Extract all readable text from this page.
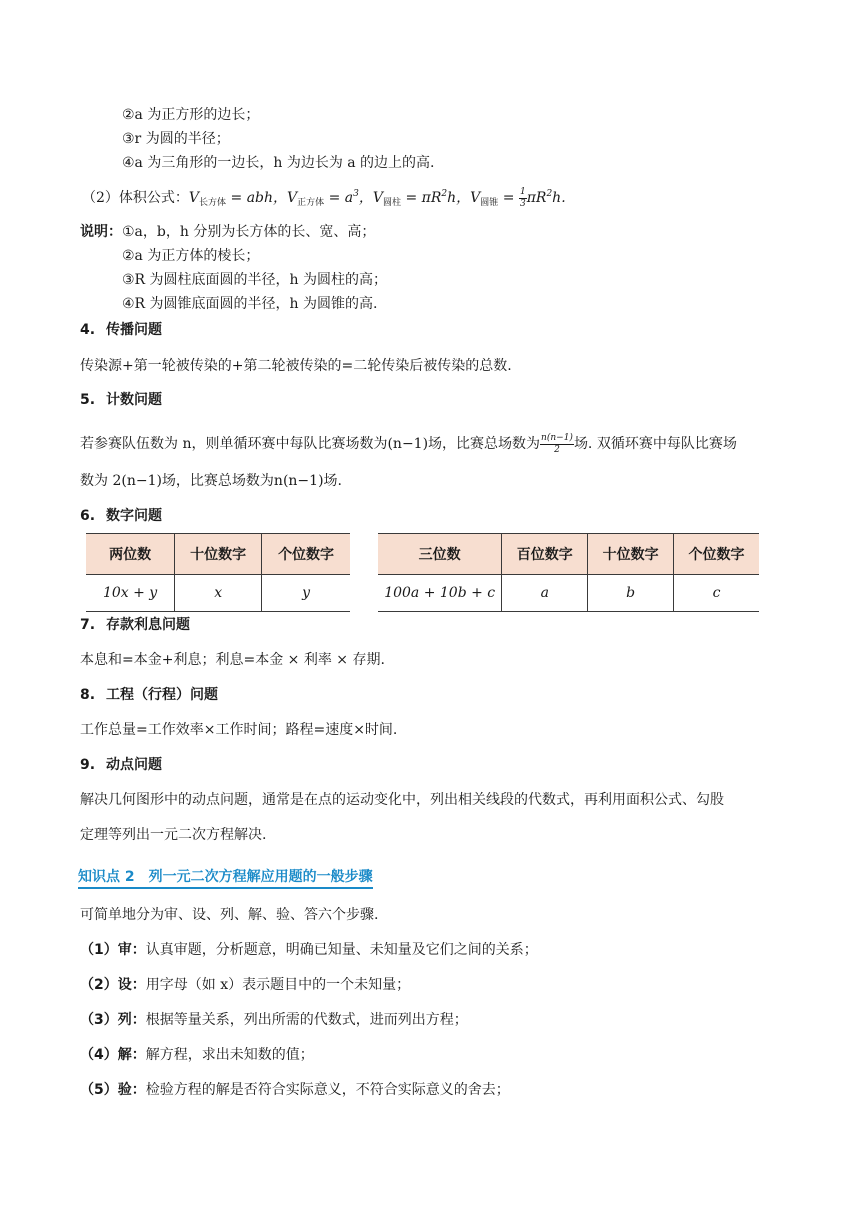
②a 为正方形的边长；
③r 为圆的半径；
④a 为三角形的一边长，h 为边长为 a 的边上的高.
（2）体积公式：$V_{长方体}$ = abh，$V_{正方体} = a^3$，$V_{圆柱} = \pi R^2h$，$V_{圆锥} = \frac{1}{3} \pi R^2h$.
说明：①a，b，h 分别为长方体的长、宽、高；
②a 为正方体的棱长；
③R 为圆柱底面圆的半径，h 为圆柱的高；
④R 为圆锥底面圆的半径，h 为圆锥的高.
4. 传播问题
传染源+第一轮被传染的+第二轮被传染的=二轮传染后被传染的总数.
5. 计数问题
若参赛队伍数为 n，则单循环赛中每队比赛场数为(n−1)场，比赛总场数为 $\frac{n(n-1)}{2}$ 场. 双循环赛中每队比赛场
数为 2(n−1)场，比赛总场数为n(n−1)场.
6. 数字问题
两位数	十位数字	个位数字
10x + y	x	y
三位数	百位数字	十位数字	个位数字
100a + 10b + c	a	b	c
7. 存款利息问题
本息和=本金+利息；利息=本金 × 利率 × 存期.
8. 工程（行程）问题
工作总量=工作效率×工作时间；路程=速度×时间.
9. 动点问题
解决几何图形中的动点问题，通常是在点的运动变化中，列出相关线段的代数式，再利用面积公式、勾股
定理等列出一元二次方程解决.
知识点 2 列一元二次方程解应用题的一般步骤
可简单地分为审、设、列、解、验、答六个步骤.
（1）审：认真审题，分析题意，明确已知量、未知量及它们之间的关系；
（2）设：用字母（如 x）表示题目中的一个未知量；
（3）列：根据等量关系，列出所需的代数式，进而列出方程；
（4）解：解方程，求出未知数的值；
（5）验：检验方程的解是否符合实际意义，不符合实际意义的舍去；
